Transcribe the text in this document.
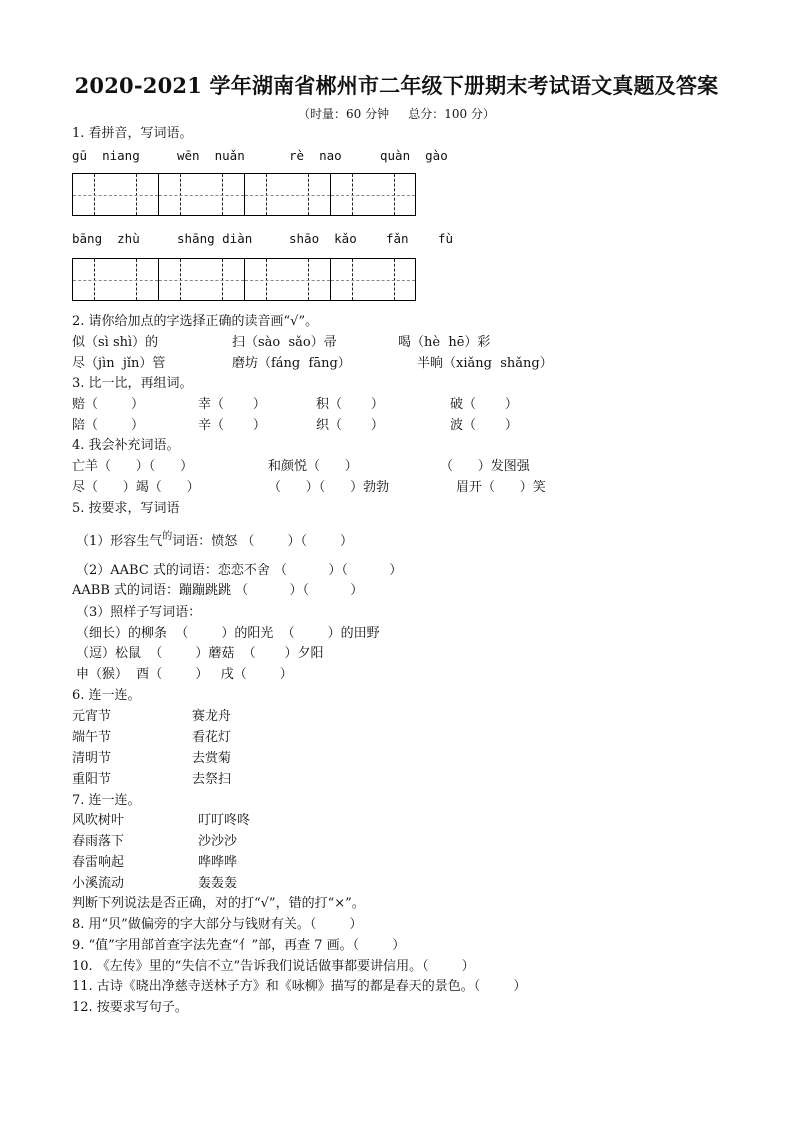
2020-2021 学年湖南省郴州市二年级下册期末考试语文真题及答案
（时量：60 分钟     总分：100 分）
1. 看拼音，写词语。
gū  niang	wēn  nuǎn	rè  nao	quàn  gào
bāng  zhù	shāng diàn	shāo  kǎo fǎn fù
2. 请你给加点的字选择正确的读音画“√”。
似（sì shì）的	扫（sào  sǎo）帚	喝（hè  hē）彩
尽（jìn  jǐn）管	磨坊（fáng  fāng）	半晌（xiǎng  shǎng）
3. 比一比，再组词。
赔（        ）	幸（       ）	积（       ）	破（       ）
陪（        ）	辛（       ）	织（       ）	波（       ）
4. 我会补充词语。
亡羊（      ）（      ）	和颜悦（      ）	（      ）发图强
尽（      ）竭（      ）	（      ）（      ）勃勃	眉开（      ）笑
5. 按要求，写词语
（1）形容生气$^的$词语：愤怒 （        ）（        ）
（2）AABC 式的词语：恋恋不舍 （          ）（          ）
AABB 式的词语：蹦蹦跳跳 （          ）（          ）
（3）照样子写词语：
（细长）的柳条  （        ）的阳光  （        ）的田野
（逗）松鼠  （        ）蘑菇  （       ）夕阳
申（猴）  酉（        ）   戌（        ）
6. 连一连。
元宵节	赛龙舟
端午节	看花灯
清明节	去赏菊
重阳节	去祭扫
7. 连一连。
风吹树叶	叮叮咚咚
春雨落下	沙沙沙
春雷响起	哗哗哗
小溪流动	轰轰轰
判断下列说法是否正确，对的打“√”，错的打“×”。
8. 用“贝”做偏旁的字大部分与钱财有关。（        ）
9. “值”字用部首查字法先查“亻”部，再查 7 画。（        ）
10. 《左传》里的“失信不立”告诉我们说话做事都要讲信用。（        ）
11. 古诗《晓出净慈寺送林子方》和《咏柳》描写的都是春天的景色。（        ）
12. 按要求写句子。
